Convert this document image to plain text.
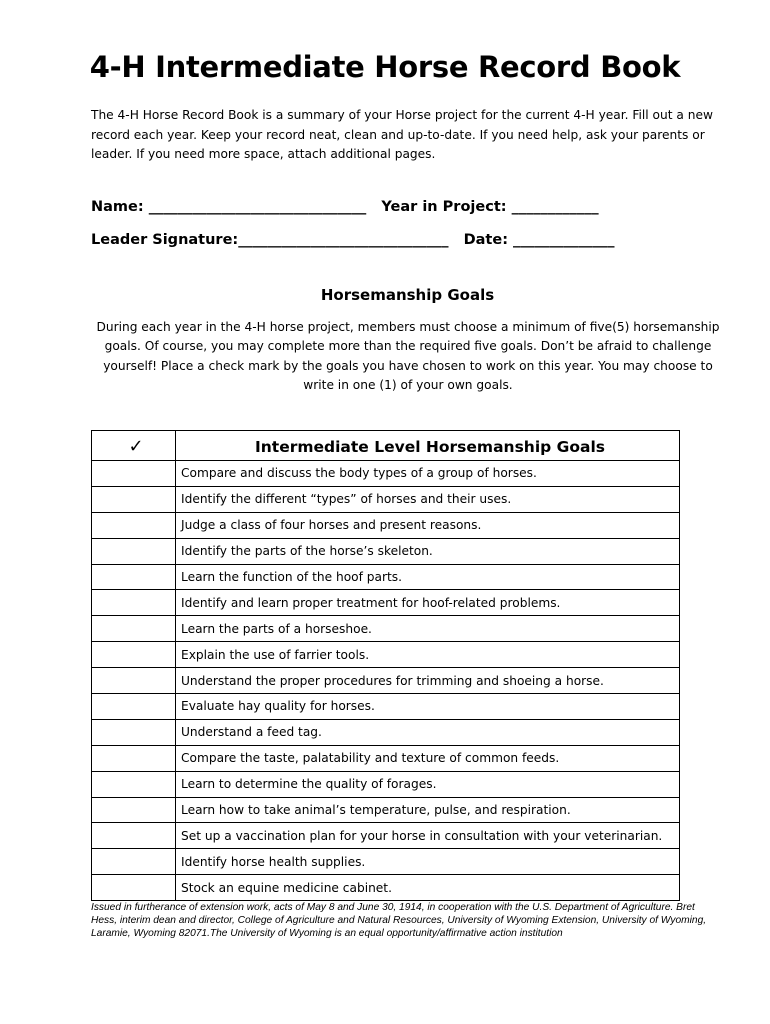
4-H Intermediate Horse Record Book
The 4-H Horse Record Book is a summary of your Horse project for the current 4-H year. Fill out a new record each year. Keep your record neat, clean and up-to-date. If you need help, ask your parents or leader. If you need more space, attach additional pages.
Name: ______________________________   Year in Project: ____________
Leader Signature:_____________________________   Date: ______________
Horsemanship Goals
During each year in the 4-H horse project, members must choose a minimum of five(5) horsemanship goals. Of course, you may complete more than the required five goals. Don’t be afraid to challenge yourself! Place a check mark by the goals you have chosen to work on this year. You may choose to write in one (1) of your own goals.
✓	Intermediate Level Horsemanship Goals
	Compare and discuss the body types of a group of horses.
	Identify the different “types” of horses and their uses.
	Judge a class of four horses and present reasons.
	Identify the parts of the horse’s skeleton.
	Learn the function of the hoof parts.
	Identify and learn proper treatment for hoof-related problems.
	Learn the parts of a horseshoe.
	Explain the use of farrier tools.
	Understand the proper procedures for trimming and shoeing a horse.
	Evaluate hay quality for horses.
	Understand a feed tag.
	Compare the taste, palatability and texture of common feeds.
	Learn to determine the quality of forages.
	Learn how to take animal’s temperature, pulse, and respiration.
	Set up a vaccination plan for your horse in consultation with your veterinarian.
	Identify horse health supplies.
	Stock an equine medicine cabinet.
Issued in furtherance of extension work, acts of May 8 and June 30, 1914, in cooperation with the U.S. Department of Agriculture. Bret Hess, interim dean and director, College of Agriculture and Natural Resources, University of Wyoming Extension, University of Wyoming, Laramie, Wyoming 82071.The University of Wyoming is an equal opportunity/affirmative action institution
